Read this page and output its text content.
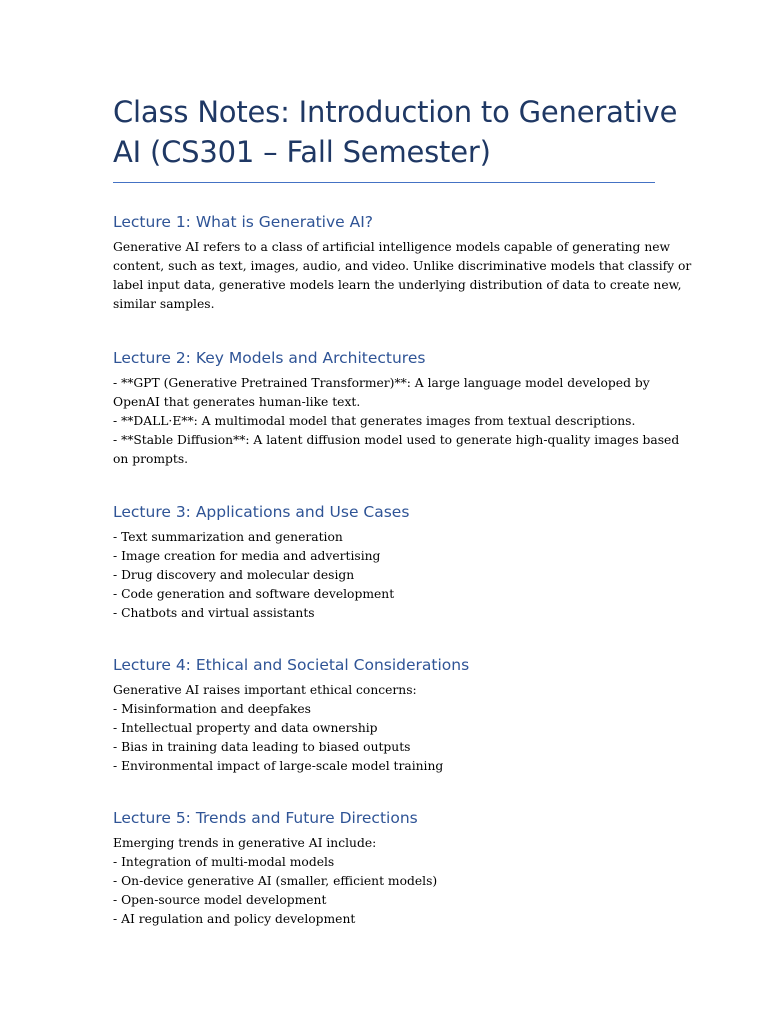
Class Notes: Introduction to Generative
AI (CS301 – Fall Semester)
Lecture 1: What is Generative AI?

Generative AI refers to a class of artificial intelligence models capable of generating new
content, such as text, images, audio, and video. Unlike discriminative models that classify or
label input data, generative models learn the underlying distribution of data to create new,
similar samples.

Lecture 2: Key Models and Architectures

- **GPT (Generative Pretrained Transformer)**: A large language model developed by
OpenAI that generates human-like text.
- **DALL·E**: A multimodal model that generates images from textual descriptions.
- **Stable Diffusion**: A latent diffusion model used to generate high-quality images based
on prompts.

Lecture 3: Applications and Use Cases

- Text summarization and generation
- Image creation for media and advertising
- Drug discovery and molecular design
- Code generation and software development
- Chatbots and virtual assistants

Lecture 4: Ethical and Societal Considerations

Generative AI raises important ethical concerns:
- Misinformation and deepfakes
- Intellectual property and data ownership
- Bias in training data leading to biased outputs
- Environmental impact of large-scale model training

Lecture 5: Trends and Future Directions

Emerging trends in generative AI include:
- Integration of multi-modal models
- On-device generative AI (smaller, efficient models)
- Open-source model development
- AI regulation and policy development
